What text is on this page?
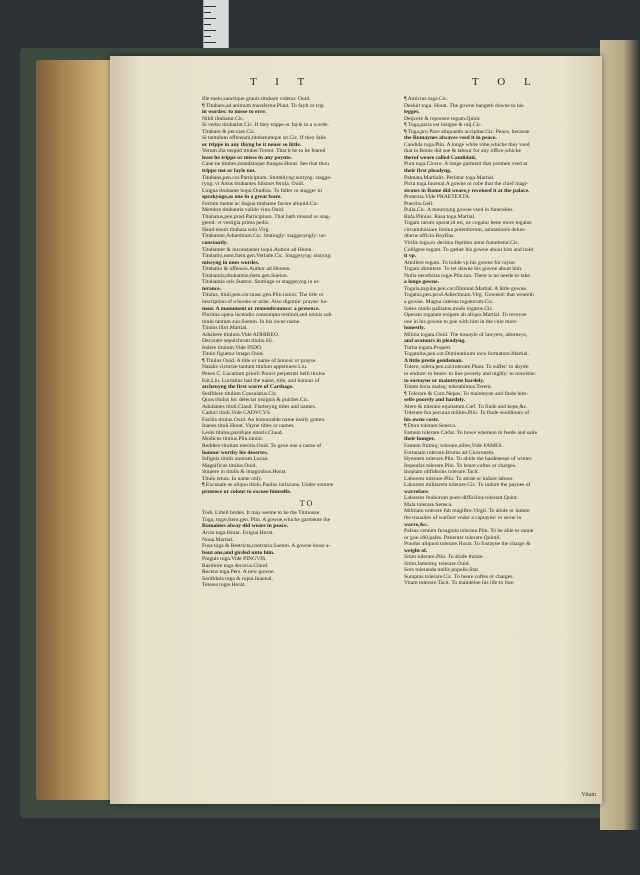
T I T	T O L
Ille meto,sanctique grauis titubare videtur. Ouid.
¶ Titubare,ad animum transfertur.Plaut. To faylt or trip
in wordes: to misse to erre.
Nihil titubatur.Cic.
Si verbo titubarint.Cic. If they trippe or fayle in a worde.
Titubare & peccare.Cic.
Si tantulum offensum,titubatumque sit.Cic. If they faile
or trippe in any thyng be it neuer so little.
Verum illa nequid titubet.Terent. That it be to be feared
least he trippe or misse in any poynte.
Caue ne titubes,mandataque frangas.Horat. See that thou
trippe not or fayle not.
Titubans,pen.cor.Participium. Stumblyng:nottyng: stagge-
ryng. vt Artus titubantes fulsinet ferula. Ouid.
Lingua titubante loqui.Ouidius. To falter or stagger in
speakynge,as one in a great feare.
Ferrum mente ac lingua titubante facere aliquid.Cic.
Membra titubantia valido vino.Ouid.
Titubatus,pen.prod.Participium. That hath misssd or stag-
gered. vt vestigia prima pedis.
Haud tenuit titubata solo.Virg.
Titubanter,Aduerbium.Cic. Stutingly: staggeryngly: un-
constantly.
Titubanter & inconstanter loqui.Author ad Heren.
Titubatio,nom.fœm.gen.Verbale.Cic. Staggeryng: stutyng:
missyng in ones wordes.
Titubatio & offensio.Author ad Herenn.
Titubantia,titubantiæ,fœm.gen.Sueton.
Titubantia oris.Sueton. Stuttinge or staggeryng in ut-
terance.
Titulus, tituli,pen.cor.masc.gen.Plin.iunior. The title or
inscription of a booke or ache. Also dignitie: prayse: ho-
nour. A monument or remembraunce: a pretence.
Plurima opera incendio consumpta restituit,sed omnis sub
titulo tantum suo.Sueton. In his owne name.
Titulus libri.Martial.
Adsibere titulum.Vide ADHIBEO.
Decorare sepulchrum titulis.Sil.
Indere titulum.Vide INDO.
Titulo figuetur imago.Ouid.
¶ Titulus Ouid. A title or name of honour or prayse.
Natalis victoriæ tantum titulum appetiuere.Liu.
Penes C. Lucatium priorii Punici perpetrati belli titulus
fuit.Liu. Luctatius had the name, title, and honour of
atcheuyng the first warre of Carthage.
Sesfitiere titulum Consulatus.Cic.
Quos titulus hic delectat insignis & pulcher.Cic.
Adulantes tituli.Claud. Flatteryng titles and names.
Caduci tituli.Vide CADVCVS.
Facilis titulus.Ouid. An honourable name easily gotten.
Inanes tituli.Horat. Vayne titles or names.
Leuis titulus,parufque nitoris.Claud.
Modicus titulus.Plin.iunior.
Reddere titulum meritis.Ouid. To geue one a name of
honour worthy his desertes.
Infignis titulis auorum.Lucan.
Magnificus titulus.Ouid.
Stupere in titulis & imaginibus.Horat.
Titulo tenus. In name only.
¶ Excusare se aliquo titulo.Paulus iuriscons. Under somme
pretence or colour to excuse himselfe.
T O
Todi. Littell birdes. It may seeme to be the Titmouse.
Toga, togæ,fœm.gen. Plin. A gowne,whiche garmente the
Romaines alway did weare in peace.
Arcta toga.Horat. Exigua Horat.
Noua.Martial.
Fusa toga & Restricta,contraria.Sueton. A gowne loose a-
bout one,and girded unto him.
Pinguis toga.Vide PINGVIS.
Rasitiore toga decorus.Claud.
Recens toga.Pers. A new gowne.
Sordidula toga & rupta.Iuuenal.
Tenues togæ.Horat.
¶ Amictus toga.Cic.
Desluit toga. Horat. The gowne hangeth downe to his
legges.
Deijcere & reponere togam.Quint.
¶ Toga,pacis est insigne & otij.Cic.
¶ Toga,pro Pace aliquando accipitur.Cic. Peace, because
the Romaynes alwayes vsed it in peace.
Candida toga.Plin. A longe white robe,whiche they vsed
that in Rome did sue & labour for any office,whiche
therof weare called Candidati.
Pura toga.Cicero. A longe garment that yeomen vsed at
their first pleadyng.
Palmata.Martialis. Perlatur toga.Martial.
Picta toga.Iuuenal.A gowne or robe that the chief magi-
strates in Rome did weare,y receiued it at the palace.
Prætexta.Vide PRAETEXTA.
Puerilis.Gell.
Pulla,Cic. A mournyng gowne vsed in funeralles.
Rafa.Plinius. Rasa toga.Martial.
Togam rarum operat,id est, ne cogatur bene more togatus
circumduisiare limina potentiorum, salutationis delun-
dturus officio.Boyfius.
Virilis toga,ex decimo feptimo anno fumebatur.Cic.
Colligere togam. To gather his gowne about him and hold
it vp.
Attollere togam. To holde vp his gowne for rayne.
Togam dimittere. To let downe his gowne about him.
Nulla necefsitas togæ.Plin.iun. There is no neede to take
a longe gowne.
Togula,togulæ,pen.cor.Diminut.Martial. A little gowne.
Togatus,pen.prod.Adiectiuum.Virg. Gowned: that weareth
a gowne. Magna caterua togatorum.Cic.
Iudex modo palliatus,modo togatus.Cic.
Operam togatam exigere ab aliquo.Martial. To receyue
one in his gowne to goe with him in the citie more
honestly.
Militia togata.Ouid. The trauayle of lawyers, atturneys,
and oratours in pleadyng.
Turba togata.Propert.
Togatulus,pen.cor.Diminutiuum ioco formatum.Martial.
A little pretie gentleman.
Tolero, tolera,pen.cor.tolerare.Plaut. To suffer: to abyde:
to endure: to beare: to liue poorely and nighly: to nourishe:
to sustayne or mainteyne hardely.
Totam bona malaq; tolerabimus.Terent.
¶ Tolerare & Corn.Nepos. To mainteyne and finde him-
selfe poorely and hardely.
Alere & tolerare equitatum.Cæf. To finde and kepe,&c.
Tolerare fua pecunia milites.Plin. To finde souldiours of
his owne coste.
¶ Dura tolerare.Seneca.
Famem tolerare.Cæfar. To bowe whereon to feede and saile
their hunger.
Famem fitimiq; tolerare,aliter,Vide FAMES.
Fortunam tolerare.Brutus ad Ciceronem.
Hyemem tolerare.Plin. To abide the hardenesse of winter.
Impenfas tolerare.Plin. To beare coftes or charges.
Inopiam obfidionis tolerare.Tacit.
Laborem tolerare.Plin. To abide or indure labour.
Laborem militarem tolerare.Cic. To indure the paynes of
warrefare.
Laborem ftudiorum pueri difficilius tolerant.Quint.
Mala tolerare.Seneca.
Militiam tolerare fub magiftro.Virgil. To abide or indure
the trauailes of warfare vnder a captayne: to serue in
warre,&c.
Pafsus centum fexaginta tolerare.Plin. To be able to runne
or goe.160.pafes. Patienter tolerare.Quintil.
Pondus aliquod tolerare.Horat. To fustayne the charge &
weight of.
Sitim tolerare.Plin. To abide thirste.
Sitim,famemq; tolerare.Ouid.
Sors toleranda nullis populis.Stat.
Sumptus tolerare.Cic. To beare coftes or charges.
Vitam tolerare.Tacit. To mainteine his life:to liue.
Vitam
